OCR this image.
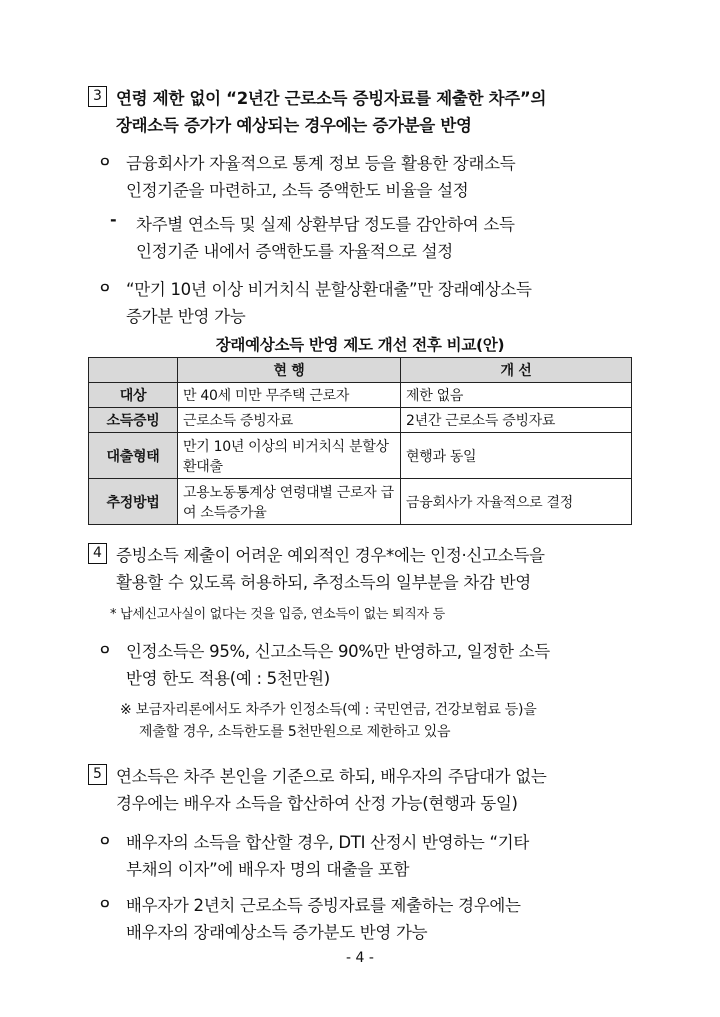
3 연령 제한 없이 “2년간 근로소득 증빙자료를 제출한 차주”의
장래소득 증가가 예상되는 경우에는 증가분을 반영
ㅇ 금융회사가 자율적으로 통계 정보 등을 활용한 장래소득
인정기준을 마련하고, 소득 증액한도 비율을 설정
- 차주별 연소득 및 실제 상환부담 정도를 감안하여 소득
인정기준 내에서 증액한도를 자율적으로 설정
ㅇ “만기 10년 이상 비거치식 분할상환대출”만 장래예상소득
증가분 반영 가능
장래예상소득 반영 제도 개선 전후 비교(안)
	현 행	개 선
대상	만 40세 미만 무주택 근로자	제한 없음
소득증빙	근로소득 증빙자료	2년간 근로소득 증빙자료
대출형태	만기 10년 이상의 비거치식 분할상환대출	현행과 동일
추정방법	고용노동통계상 연령대별 근로자 급여 소득증가율	금융회사가 자율적으로 결정
4 증빙소득 제출이 어려운 예외적인 경우*에는 인정·신고소득을
활용할 수 있도록 허용하되, 추정소득의 일부분을 차감 반영
* 납세신고사실이 없다는 것을 입증, 연소득이 없는 퇴직자 등
ㅇ 인정소득은 95%, 신고소득은 90%만 반영하고, 일정한 소득
반영 한도 적용(예 : 5천만원)
※ 보금자리론에서도 차주가 인정소득(예 : 국민연금, 건강보험료 등)을
제출할 경우, 소득한도를 5천만원으로 제한하고 있음
5 연소득은 차주 본인을 기준으로 하되, 배우자의 주담대가 없는
경우에는 배우자 소득을 합산하여 산정 가능(현행과 동일)
ㅇ 배우자의 소득을 합산할 경우, DTI 산정시 반영하는 “기타
부채의 이자”에 배우자 명의 대출을 포함
ㅇ 배우자가 2년치 근로소득 증빙자료를 제출하는 경우에는
배우자의 장래예상소득 증가분도 반영 가능
- 4 -
